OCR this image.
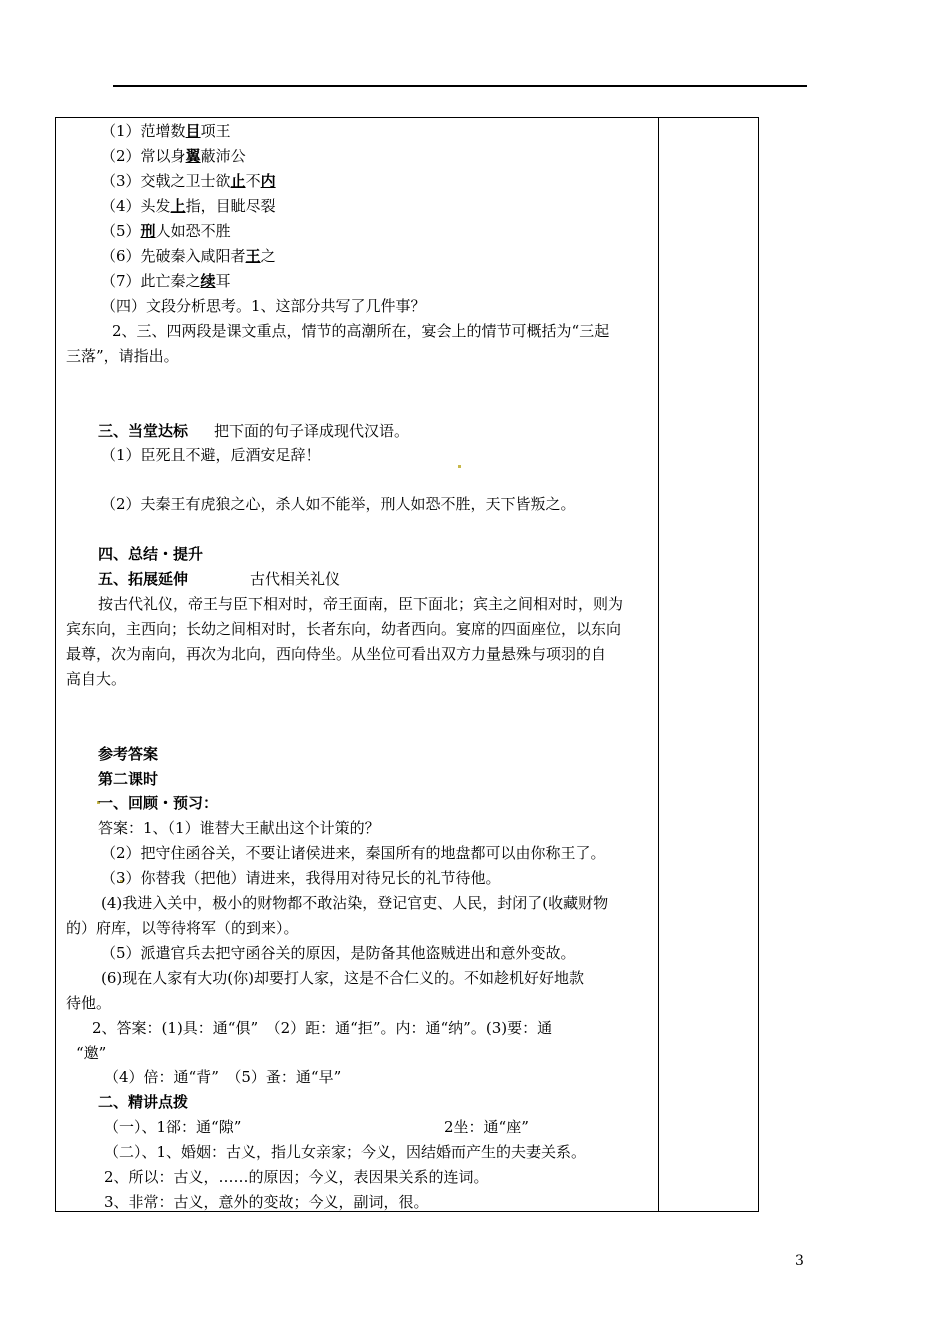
（1）范增数目项王
（2）常以身翼蔽沛公
（3）交戟之卫士欲止不内
（4）头发上指，目眦尽裂
（5）刑人如恐不胜
（6）先破秦入咸阳者王之
（7）此亡秦之续耳
（四）文段分析思考。1、这部分共写了几件事？
2、三、四两段是课文重点，情节的高潮所在，宴会上的情节可概括为“三起
三落”，请指出。
三、当堂达标 把下面的句子译成现代汉语。
（1）臣死且不避，卮酒安足辞！
（2）夫秦王有虎狼之心，杀人如不能举，刑人如恐不胜，天下皆叛之。
四、总结・提升
五、拓展延伸	古代相关礼仪
按古代礼仪，帝王与臣下相对时，帝王面南，臣下面北；宾主之间相对时，则为
宾东向，主西向；长幼之间相对时，长者东向，幼者西向。宴席的四面座位，以东向
最尊，次为南向，再次为北向，西向侍坐。从坐位可看出双方力量悬殊与项羽的自
高自大。
参考答案
第二课时
一、回顾・预习：
答案：1、（1）谁替大王献出这个计策的？
（2）把守住函谷关，不要让诸侯进来，秦国所有的地盘都可以由你称王了。
（3）你替我（把他）请进来，我得用对待兄长的礼节待他。
(4)我进入关中，极小的财物都不敢沾染，登记官吏、人民，封闭了(收藏财物
的）府库，以等待将军（的到来）。
（5）派遣官兵去把守函谷关的原因，是防备其他盗贼进出和意外变故。
(6)现在人家有大功(你)却要打人家，这是不合仁义的。不如趁机好好地款
待他。
2、答案：(1)具：通“俱”　（2）距：通“拒”。内：通“纳”。(3)要：通
“邀”
（4）倍：通“背”　（5）蚤：通“早”
二、精讲点拨
（一）、1郤：通“隙”	2坐：通“座”
（二）、1、婚姻：古义，指儿女亲家；今义，因结婚而产生的夫妻关系。
2、所以：古义，……的原因；今义，表因果关系的连词。
3、非常：古义，意外的变故；今义，副词，很。
3
